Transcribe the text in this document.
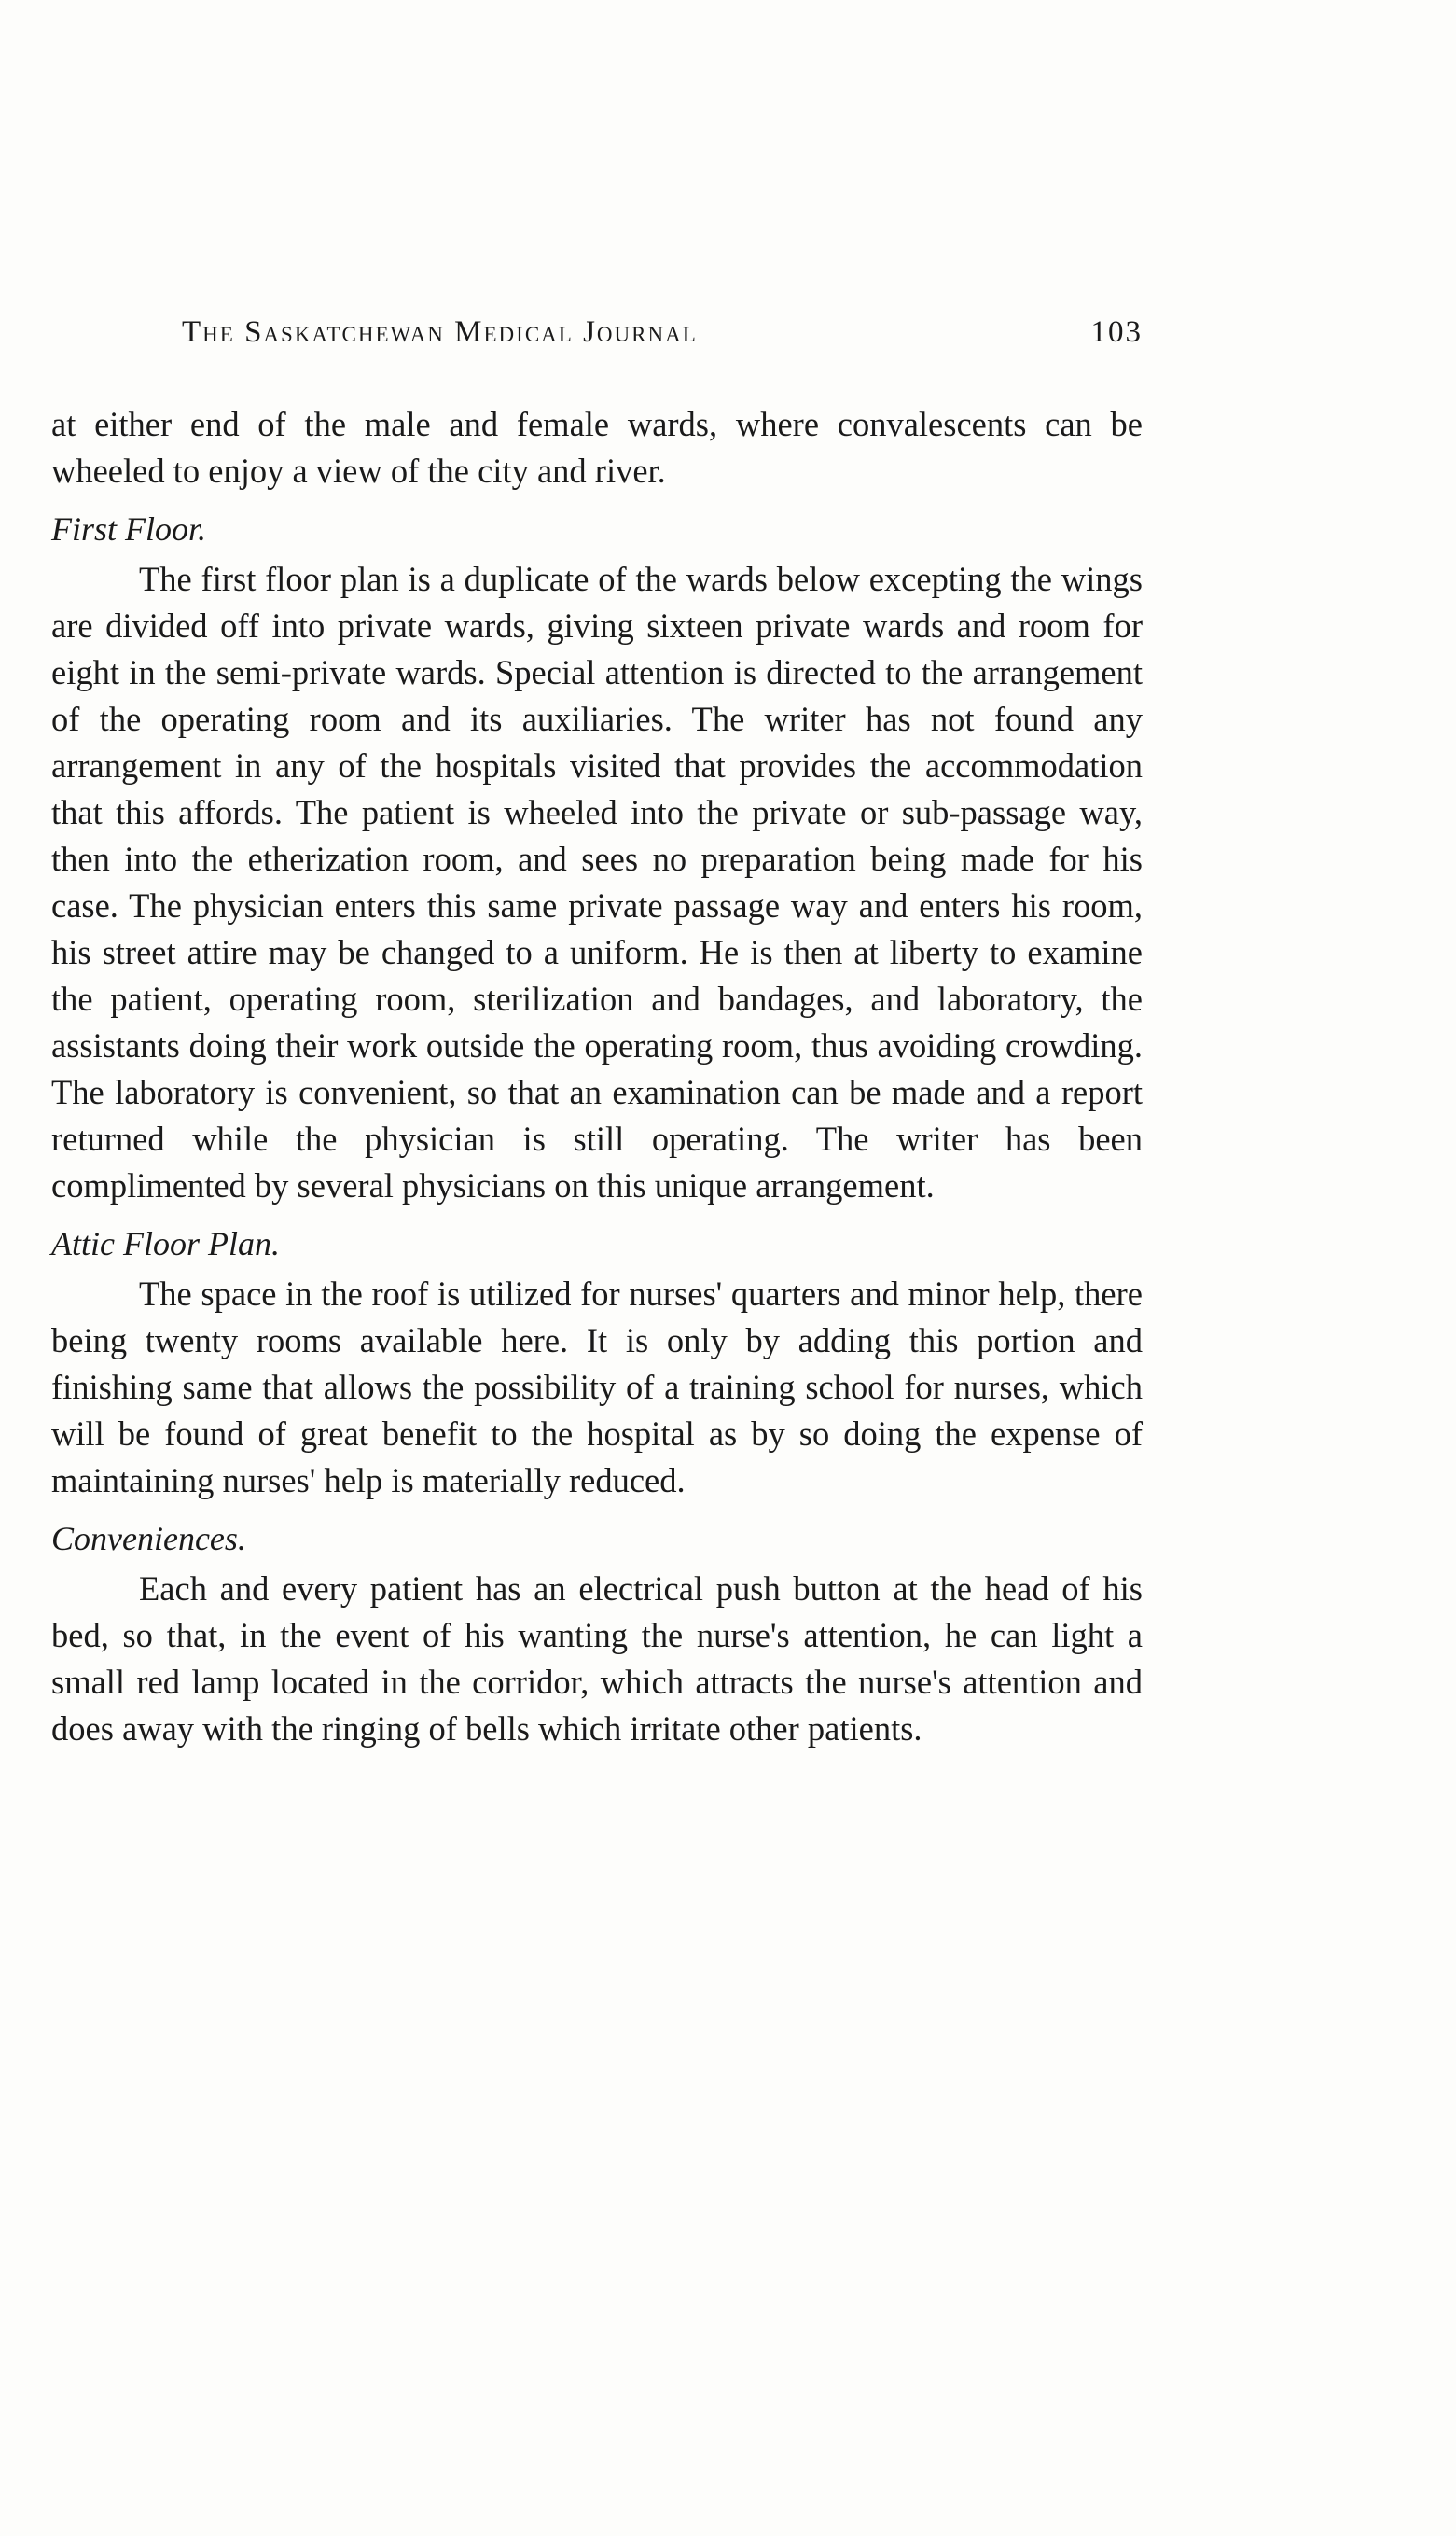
The Saskatchewan Medical Journal	103

at either end of the male and female wards, where convalescents can be wheeled to enjoy a view of the city and river.

First Floor.

The first floor plan is a duplicate of the wards below excepting the wings are divided off into private wards, giving sixteen private wards and room for eight in the semi-private wards. Special attention is directed to the arrangement of the operating room and its auxiliaries. The writer has not found any arrangement in any of the hospitals visited that provides the accommodation that this affords. The patient is wheeled into the private or sub-passage way, then into the etherization room, and sees no preparation being made for his case. The physician enters this same private passage way and enters his room, his street attire may be changed to a uniform. He is then at liberty to examine the patient, operating room, sterilization and bandages, and laboratory, the assistants doing their work outside the operating room, thus avoiding crowding. The laboratory is convenient, so that an examination can be made and a report returned while the physician is still operating. The writer has been complimented by several physicians on this unique arrangement.

Attic Floor Plan.

The space in the roof is utilized for nurses' quarters and minor help, there being twenty rooms available here. It is only by adding this portion and finishing same that allows the possibility of a training school for nurses, which will be found of great benefit to the hospital as by so doing the expense of maintaining nurses' help is materially reduced.

Conveniences.

Each and every patient has an electrical push button at the head of his bed, so that, in the event of his wanting the nurse's attention, he can light a small red lamp located in the corridor, which attracts the nurse's attention and does away with the ringing of bells which irritate other patients.
